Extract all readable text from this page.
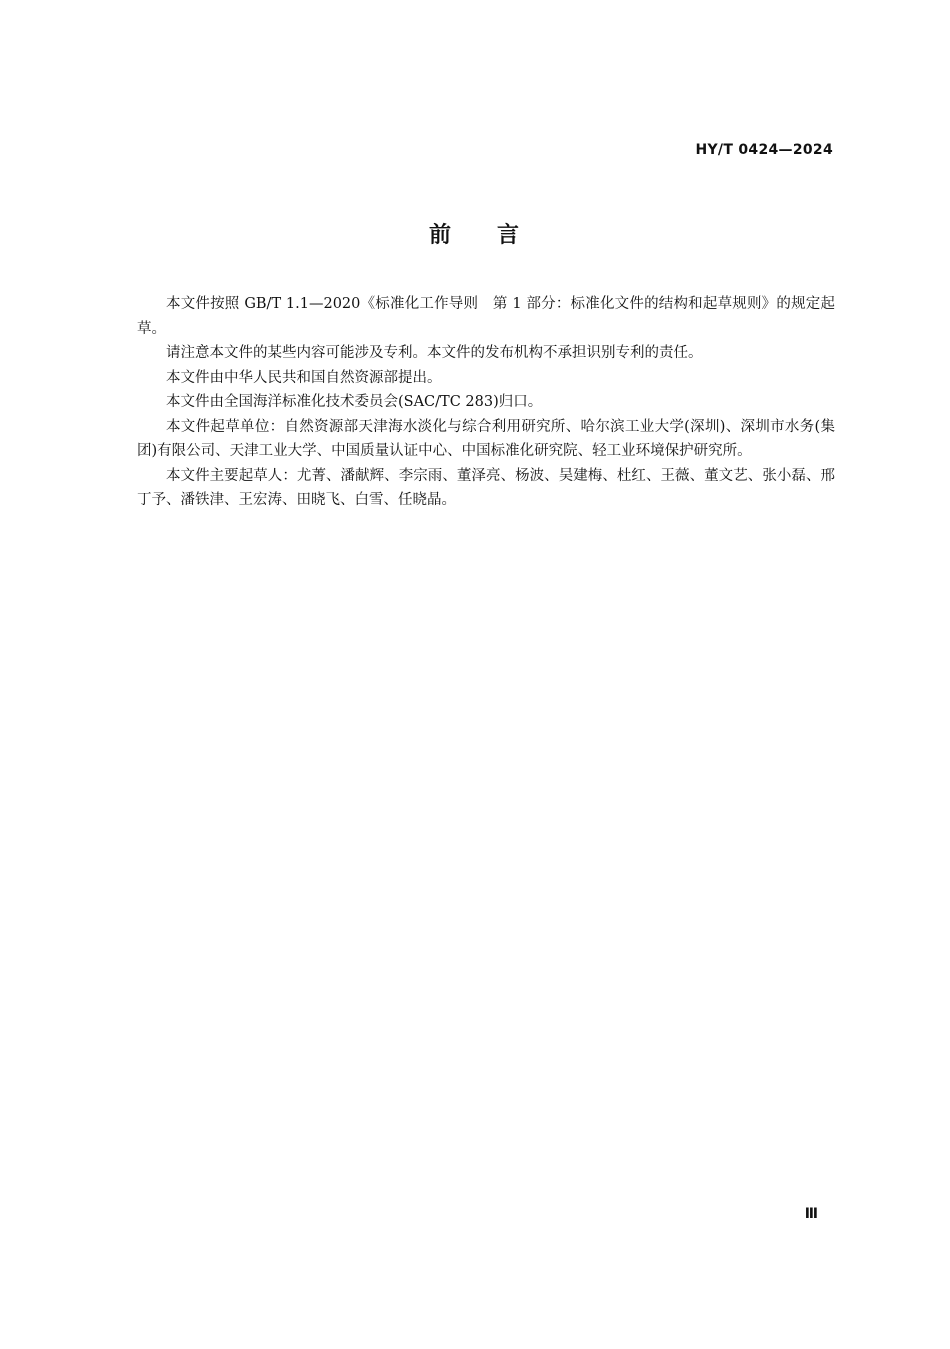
HY/T 0424—2024
前 言

本文件按照 GB/T 1.1—2020《标准化工作导则　第 1 部分：标准化文件的结构和起草规则》的规定起草。

请注意本文件的某些内容可能涉及专利。本文件的发布机构不承担识别专利的责任。

本文件由中华人民共和国自然资源部提出。

本文件由全国海洋标准化技术委员会(SAC/TC 283)归口。

本文件起草单位：自然资源部天津海水淡化与综合利用研究所、哈尔滨工业大学(深圳)、深圳市水务(集团)有限公司、天津工业大学、中国质量认证中心、中国标准化研究院、轻工业环境保护研究所。

本文件主要起草人：尤菁、潘献辉、李宗雨、董泽亮、杨波、吴建梅、杜红、王薇、董文艺、张小磊、邢丁予、潘铁津、王宏涛、田晓飞、白雪、任晓晶。

Ⅲ
